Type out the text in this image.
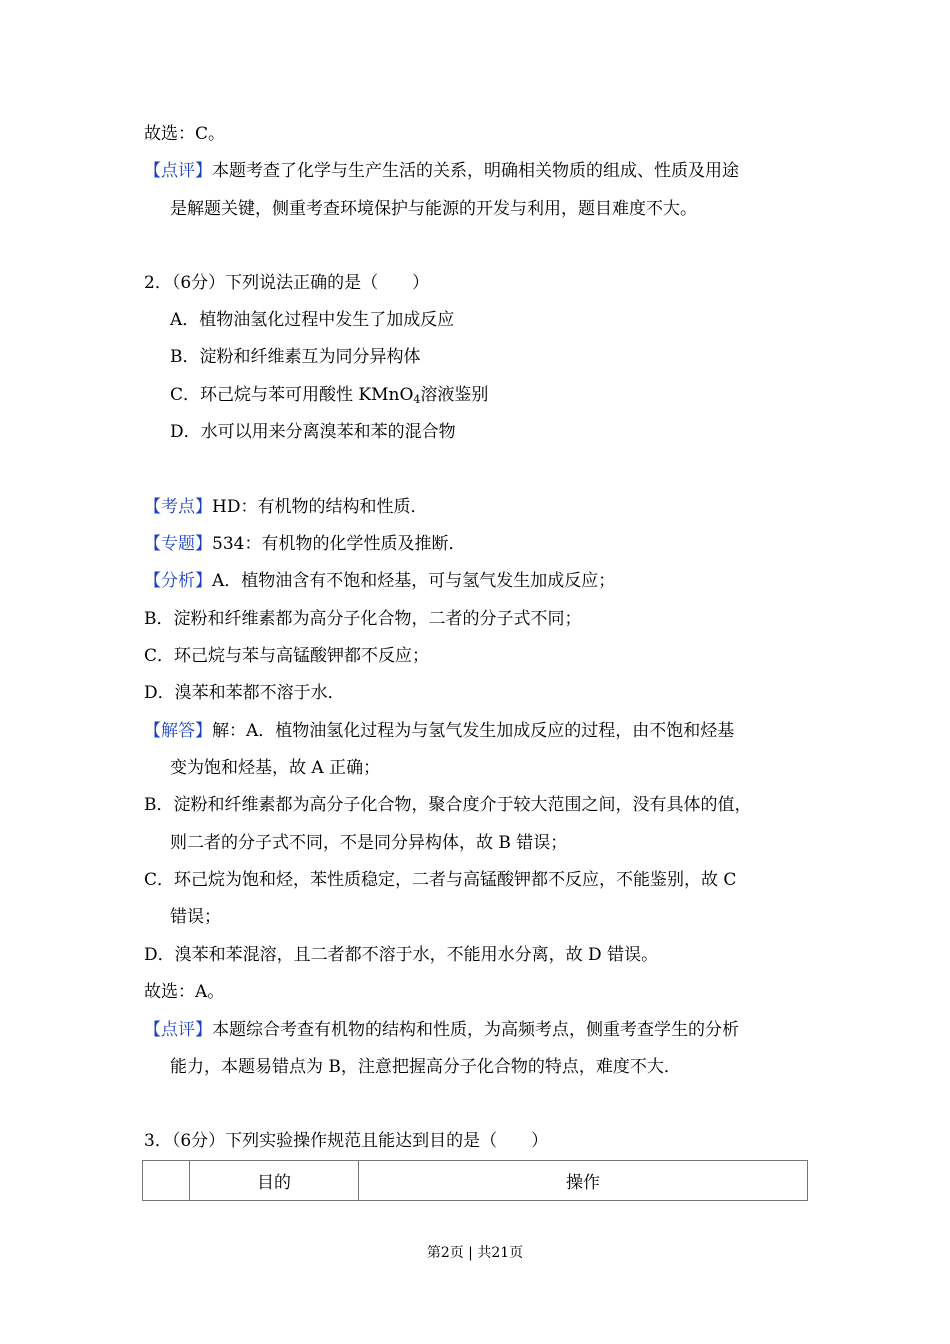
故选：C。
【点评】本题考查了化学与生产生活的关系，明确相关物质的组成、性质及用途
是解题关键，侧重考查环境保护与能源的开发与利用，题目难度不大。
2．（6分）下列说法正确的是（　　）
A．植物油氢化过程中发生了加成反应
B．淀粉和纤维素互为同分异构体
C．环己烷与苯可用酸性 KMnO$_4$溶液鉴别
D．水可以用来分离溴苯和苯的混合物
【考点】HD：有机物的结构和性质．
【专题】534：有机物的化学性质及推断．
【分析】A．植物油含有不饱和烃基，可与氢气发生加成反应；
B．淀粉和纤维素都为高分子化合物，二者的分子式不同；
C．环己烷与苯与高锰酸钾都不反应；
D．溴苯和苯都不溶于水．
【解答】解：A．植物油氢化过程为与氢气发生加成反应的过程，由不饱和烃基
变为饱和烃基，故 A 正确；
B．淀粉和纤维素都为高分子化合物，聚合度介于较大范围之间，没有具体的值，
则二者的分子式不同，不是同分异构体，故 B 错误；
C．环己烷为饱和烃，苯性质稳定，二者与高锰酸钾都不反应，不能鉴别，故 C
错误；
D．溴苯和苯混溶，且二者都不溶于水，不能用水分离，故 D 错误。
故选：A。
【点评】本题综合考查有机物的结构和性质，为高频考点，侧重考查学生的分析
能力，本题易错点为 B，注意把握高分子化合物的特点，难度不大．
3．（6分）下列实验操作规范且能达到目的是（　　）
	目的	操作
第2页 | 共21页
